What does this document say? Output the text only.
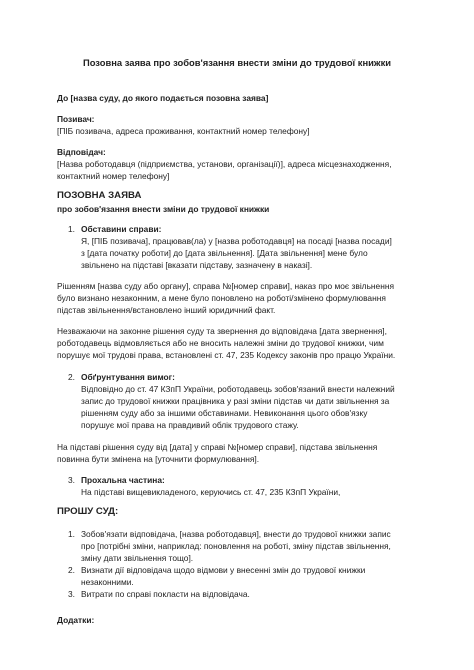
Позовна заява про зобов'язання внести зміни до трудової книжки
До [назва суду, до якого подається позовна заява]
Позивач:
[ПІБ позивача, адреса проживання, контактний номер телефону]
Відповідач:
[Назва роботодавця (підприємства, установи, організації)], адреса місцезнаходження,
контактний номер телефону]
ПОЗОВНА ЗАЯВА
про зобов'язання внести зміни до трудової книжки
1. Обставини справи:
Я, [ПІБ позивача], працював(ла) у [назва роботодавця] на посаді [назва посади]
з [дата початку роботи] до [дата звільнення]. [Дата звільнення] мене було
звільнено на підставі [вказати підставу, зазначену в наказі].
Рішенням [назва суду або органу], справа №[номер справи], наказ про моє звільнення
було визнано незаконним, а мене було поновлено на роботі/змінено формулювання
підстав звільнення/встановлено інший юридичний факт.
Незважаючи на законне рішення суду та звернення до відповідача [дата звернення],
роботодавець відмовляється або не вносить належні зміни до трудової книжки, чим
порушує мої трудові права, встановлені ст. 47, 235 Кодексу законів про працю України.
2. Обґрунтування вимог:
Відповідно до ст. 47 КЗпП України, роботодавець зобов'язаний внести належний
запис до трудової книжки працівника у разі зміни підстав чи дати звільнення за
рішенням суду або за іншими обставинами. Невиконання цього обов'язку
порушує мої права на правдивий облік трудового стажу.
На підставі рішення суду від [дата] у справі №[номер справи], підстава звільнення
повинна бути змінена на [уточнити формулювання].
3. Прохальна частина:
На підставі вищевикладеного, керуючись ст. 47, 235 КЗпП України,
ПРОШУ СУД:
1. Зобов'язати відповідача, [назва роботодавця], внести до трудової книжки запис
про [потрібні зміни, наприклад: поновлення на роботі, зміну підстав звільнення,
зміну дати звільнення тощо].
2. Визнати дії відповідача щодо відмови у внесенні змін до трудової книжки
незаконними.
3. Витрати по справі покласти на відповідача.
Додатки:
